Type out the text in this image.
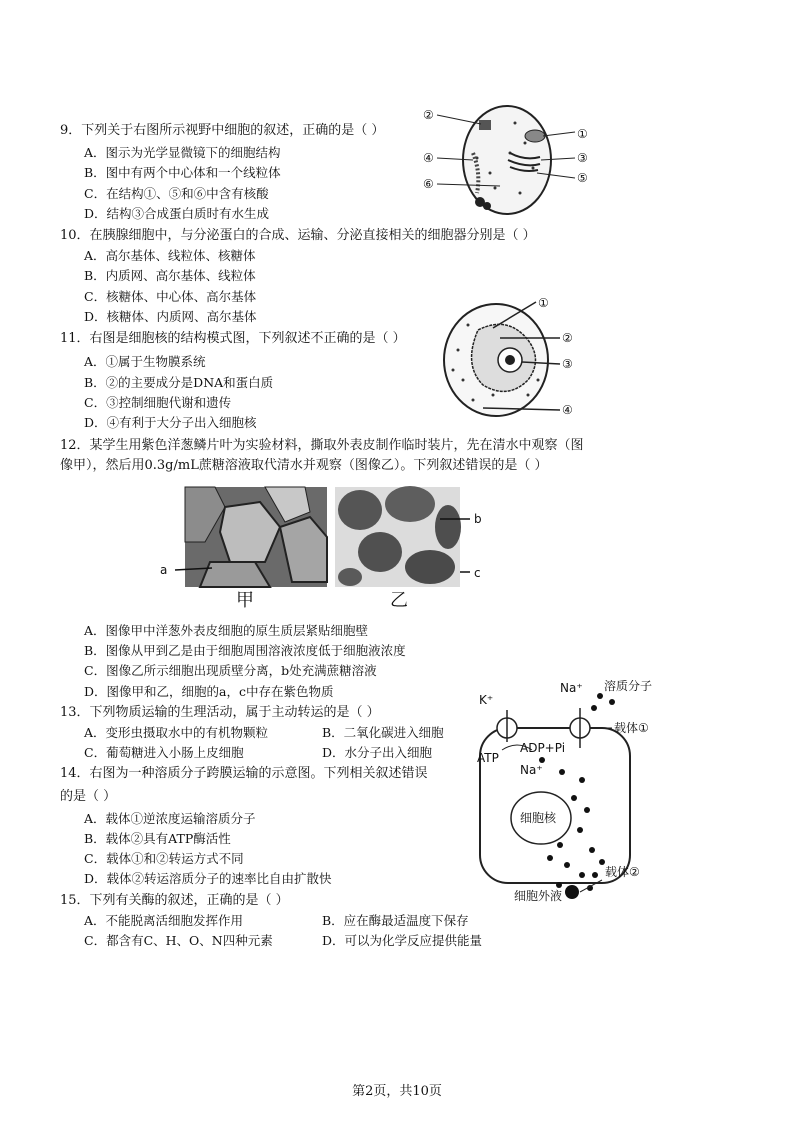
9．下列关于右图所示视野中细胞的叙述，正确的是（ ）
A．图示为光学显微镜下的细胞结构
B．图中有两个中心体和一个线粒体
C．在结构①、⑤和⑥中含有核酸
D．结构③合成蛋白质时有水生成
②
①
④	③
⑥	⑤
10．在胰腺细胞中，与分泌蛋白的合成、运输、分泌直接相关的细胞器分别是（ ）
A．高尔基体、线粒体、核糖体
B．内质网、高尔基体、线粒体
C．核糖体、中心体、高尔基体
D．核糖体、内质网、高尔基体
11．右图是细胞核的结构模式图，下列叙述不正确的是（ ）
A．①属于生物膜系统
B．②的主要成分是DNA和蛋白质
C．③控制细胞代谢和遗传
D．④有利于大分子出入细胞核
①
②
③
④
12．某学生用紫色洋葱鳞片叶为实验材料，撕取外表皮制作临时装片，先在清水中观察（图
像甲），然后用0.3g/mL蔗糖溶液取代清水并观察（图像乙）。下列叙述错误的是（ ）
a
甲
b
c
乙
A．图像甲中洋葱外表皮细胞的原生质层紧贴细胞壁
B．图像从甲到乙是由于细胞周围溶液浓度低于细胞液浓度
C．图像乙所示细胞出现质壁分离，b处充满蔗糖溶液
D．图像甲和乙，细胞的a，c中存在紫色物质
13．下列物质运输的生理活动，属于主动转运的是（ ）
A．变形虫摄取水中的有机物颗粒	B．二氧化碳进入细胞
C．葡萄糖进入小肠上皮细胞	D．水分子出入细胞
14．右图为一种溶质分子跨膜运输的示意图。下列相关叙述错误
的是（ ）
A．载体①逆浓度运输溶质分子
B．载体②具有ATP酶活性
C．载体①和②转运方式不同
D．载体②转运溶质分子的速率比自由扩散快
K⁺
Na⁺ 溶质分子
载体①
ATP
ADP+Pi
Na⁺
细胞核
载体②
细胞外液
15．下列有关酶的叙述，正确的是（ ）
A．不能脱离活细胞发挥作用	B．应在酶最适温度下保存
C．都含有C、H、O、N四种元素	D．可以为化学反应提供能量
第2页，共10页
